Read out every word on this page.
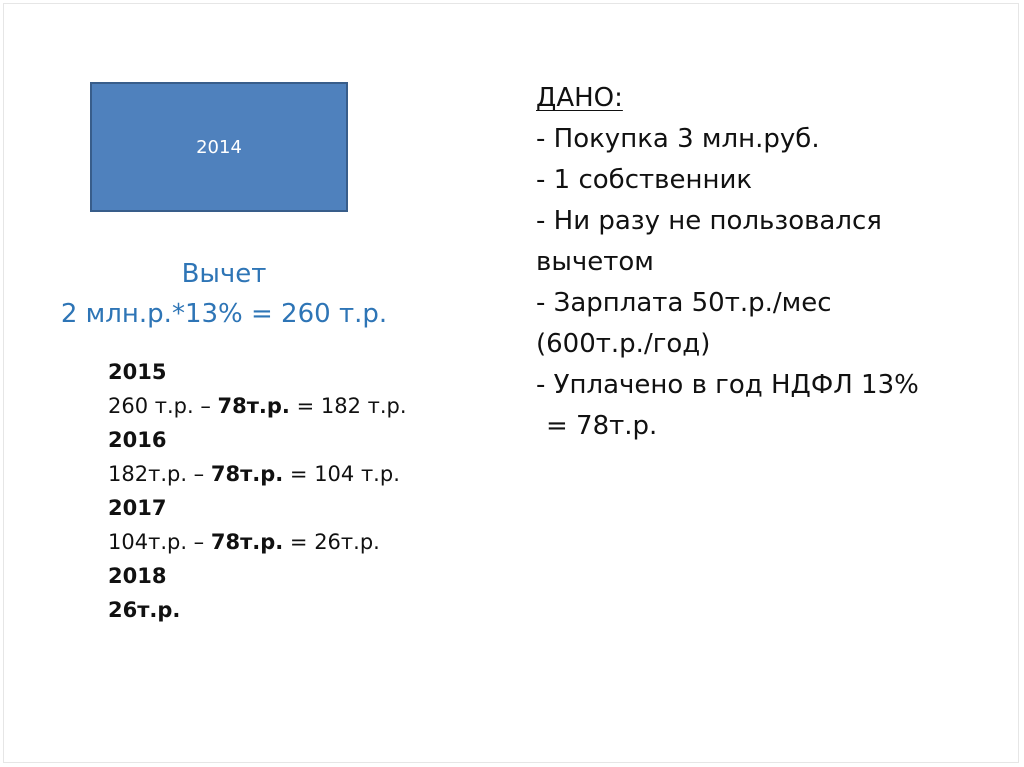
2014
Вычет
2 млн.р.*13% = 260 т.р.
2015
260 т.р. – 78т.р. = 182 т.р.
2016
182т.р. – 78т.р. = 104 т.р.
2017
104т.р. – 78т.р. = 26т.р.
2018
26т.р.
ДАНО:
- Покупка 3 млн.руб.
- 1 собственник
- Ни разу не пользовался
вычетом
- Зарплата 50т.р./мес
(600т.р./год)
- Уплачено в год НДФЛ 13%
= 78т.р.
